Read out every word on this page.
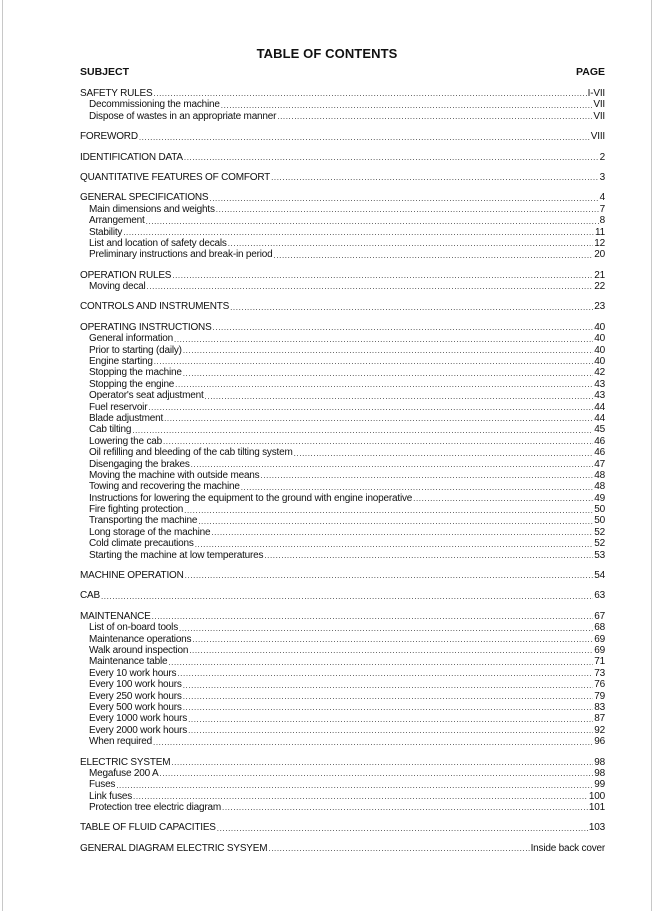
TABLE OF CONTENTS
SUBJECT	PAGE
SAFETY RULES .....	I-VII
Decommissioning the machine .....	VII
Dispose of wastes in an appropriate manner .....	VII
FOREWORD .....	VIII
IDENTIFICATION DATA .....	2
QUANTITATIVE FEATURES OF COMFORT .....	3
GENERAL SPECIFICATIONS .....	4
Main dimensions and weights .....	7
Arrangement .....	8
Stability .....	11
List and location of safety decals .....	12
Preliminary instructions and break-in period .....	20
OPERATION RULES .....	21
Moving decal .....	22
CONTROLS AND INSTRUMENTS .....	23
OPERATING INSTRUCTIONS .....	40
General information .....	40
Prior to starting (daily) .....	40
Engine starting .....	40
Stopping the machine .....	42
Stopping the engine .....	43
Operator's seat adjustment .....	43
Fuel reservoir .....	44
Blade adjustment .....	44
Cab tilting .....	45
Lowering the cab .....	46
Oil refilling and bleeding of the cab tilting system .....	46
Disengaging the brakes .....	47
Moving the machine with outside means .....	48
Towing and recovering the machine .....	48
Instructions for lowering the equipment to the ground with engine inoperative .....	49
Fire fighting protection .....	50
Transporting the machine .....	50
Long storage of the machine .....	52
Cold climate precautions .....	52
Starting the machine at low temperatures .....	53
MACHINE OPERATION .....	54
CAB .....	63
MAINTENANCE .....	67
List of on-board tools .....	68
Maintenance operations .....	69
Walk around inspection .....	69
Maintenance table .....	71
Every 10 work hours .....	73
Every 100 work hours .....	76
Every 250 work hours .....	79
Every 500 work hours .....	83
Every 1000 work hours .....	87
Every 2000 work hours .....	92
When required .....	96
ELECTRIC SYSTEM .....	98
Megafuse 200 A .....	98
Fuses .....	99
Link fuses .....	100
Protection tree electric diagram .....	101
TABLE OF FLUID CAPACITIES .....	103
GENERAL DIAGRAM ELECTRIC SYSYEM .....	Inside back cover
